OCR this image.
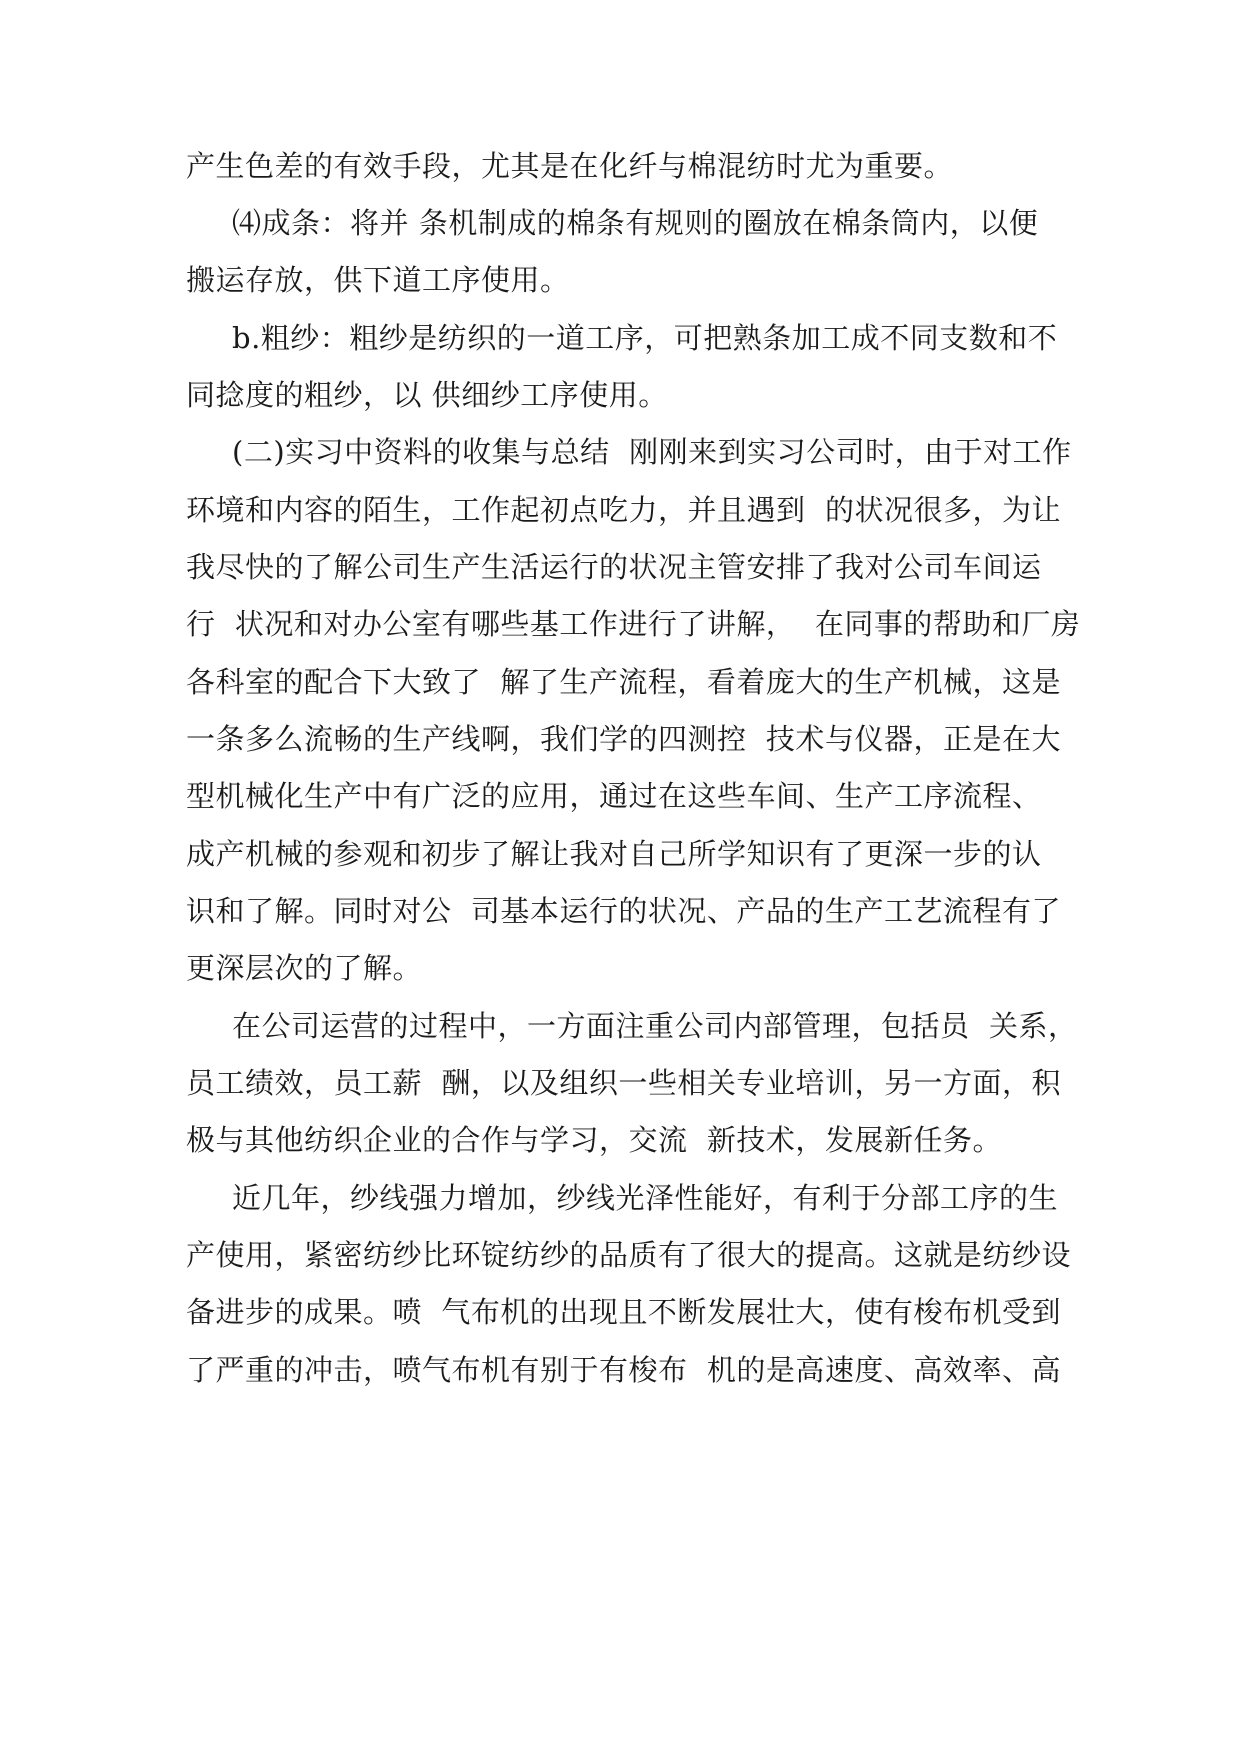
产生色差的有效手段，尤其是在化纤与棉混纺时尤为重要。
⑷成条：将并 条机制成的棉条有规则的圈放在棉条筒内，以便
搬运存放，供下道工序使用。
b.粗纱：粗纱是纺织的一道工序，可把熟条加工成不同支数和不
同捻度的粗纱，以 供细纱工序使用。
(二)实习中资料的收集与总结  刚刚来到实习公司时，由于对工作
环境和内容的陌生，工作起初点吃力，并且遇到  的状况很多，为让
我尽快的了解公司生产生活运行的状况主管安排了我对公司车间运
行  状况和对办公室有哪些基工作进行了讲解，  在同事的帮助和厂房
各科室的配合下大致了  解了生产流程，看着庞大的生产机械，这是
一条多么流畅的生产线啊，我们学的四测控  技术与仪器，正是在大
型机械化生产中有广泛的应用，通过在这些车间、生产工序流程、
成产机械的参观和初步了解让我对自己所学知识有了更深一步的认
识和了解。同时对公  司基本运行的状况、产品的生产工艺流程有了
更深层次的了解。
在公司运营的过程中，一方面注重公司内部管理，包括员  关系，
员工绩效，员工薪  酬，以及组织一些相关专业培训，另一方面，积
极与其他纺织企业的合作与学习，交流  新技术，发展新任务。
近几年，纱线强力增加，纱线光泽性能好，有利于分部工序的生
产使用，紧密纺纱比环锭纺纱的品质有了很大的提高。这就是纺纱设
备进步的成果。喷  气布机的出现且不断发展壮大，使有梭布机受到
了严重的冲击，喷气布机有别于有梭布  机的是高速度、高效率、高
